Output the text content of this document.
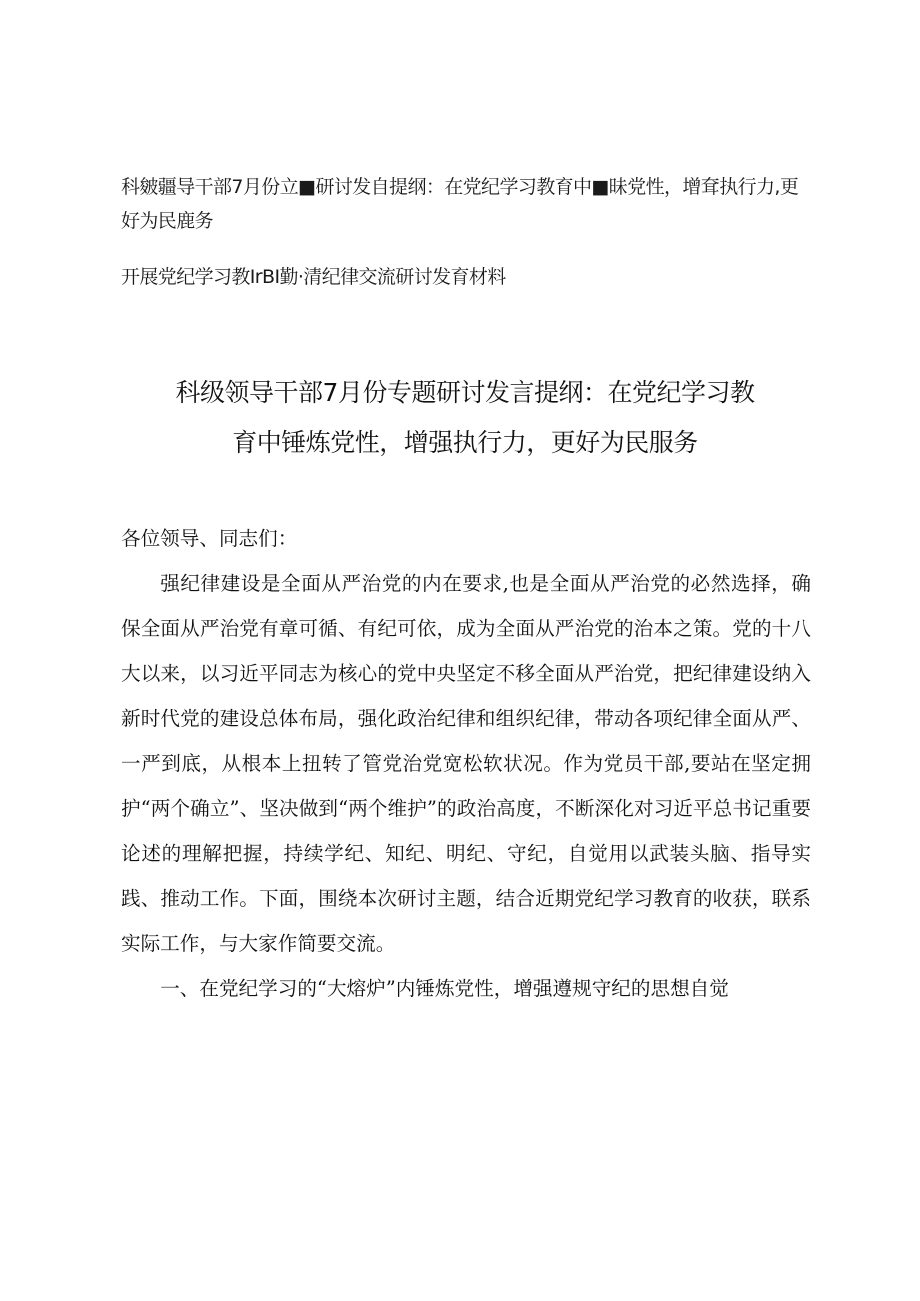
科皴疆导干部7月份立■研讨发自提纲：在党纪学习教育中■昧党性，增耷执行力,更好为民鹿务
开展党纪学习教IrBI勤·清纪律交流研讨发育材料
科级领导干部7月份专题研讨发言提纲：在党纪学习教
育中锤炼党性，增强执行力，更好为民服务

各位领导、同志们：

强纪律建设是全面从严治党的内在要求,也是全面从严治党的必然选择，确保全面从严治党有章可循、有纪可依，成为全面从严治党的治本之策。党的十八大以来，以习近平同志为核心的党中央坚定不移全面从严治党，把纪律建设纳入新时代党的建设总体布局，强化政治纪律和组织纪律，带动各项纪律全面从严、一严到底，从根本上扭转了管党治党宽松软状况。作为党员干部,要站在坚定拥护“两个确立”、坚决做到“两个维护”的政治高度，不断深化对习近平总书记重要论述的理解把握，持续学纪、知纪、明纪、守纪，自觉用以武装头脑、指导实践、推动工作。下面，围绕本次研讨主题，结合近期党纪学习教育的收获，联系实际工作，与大家作简要交流。

一、在党纪学习的“大熔炉”内锤炼党性，增强遵规守纪的思想自觉
